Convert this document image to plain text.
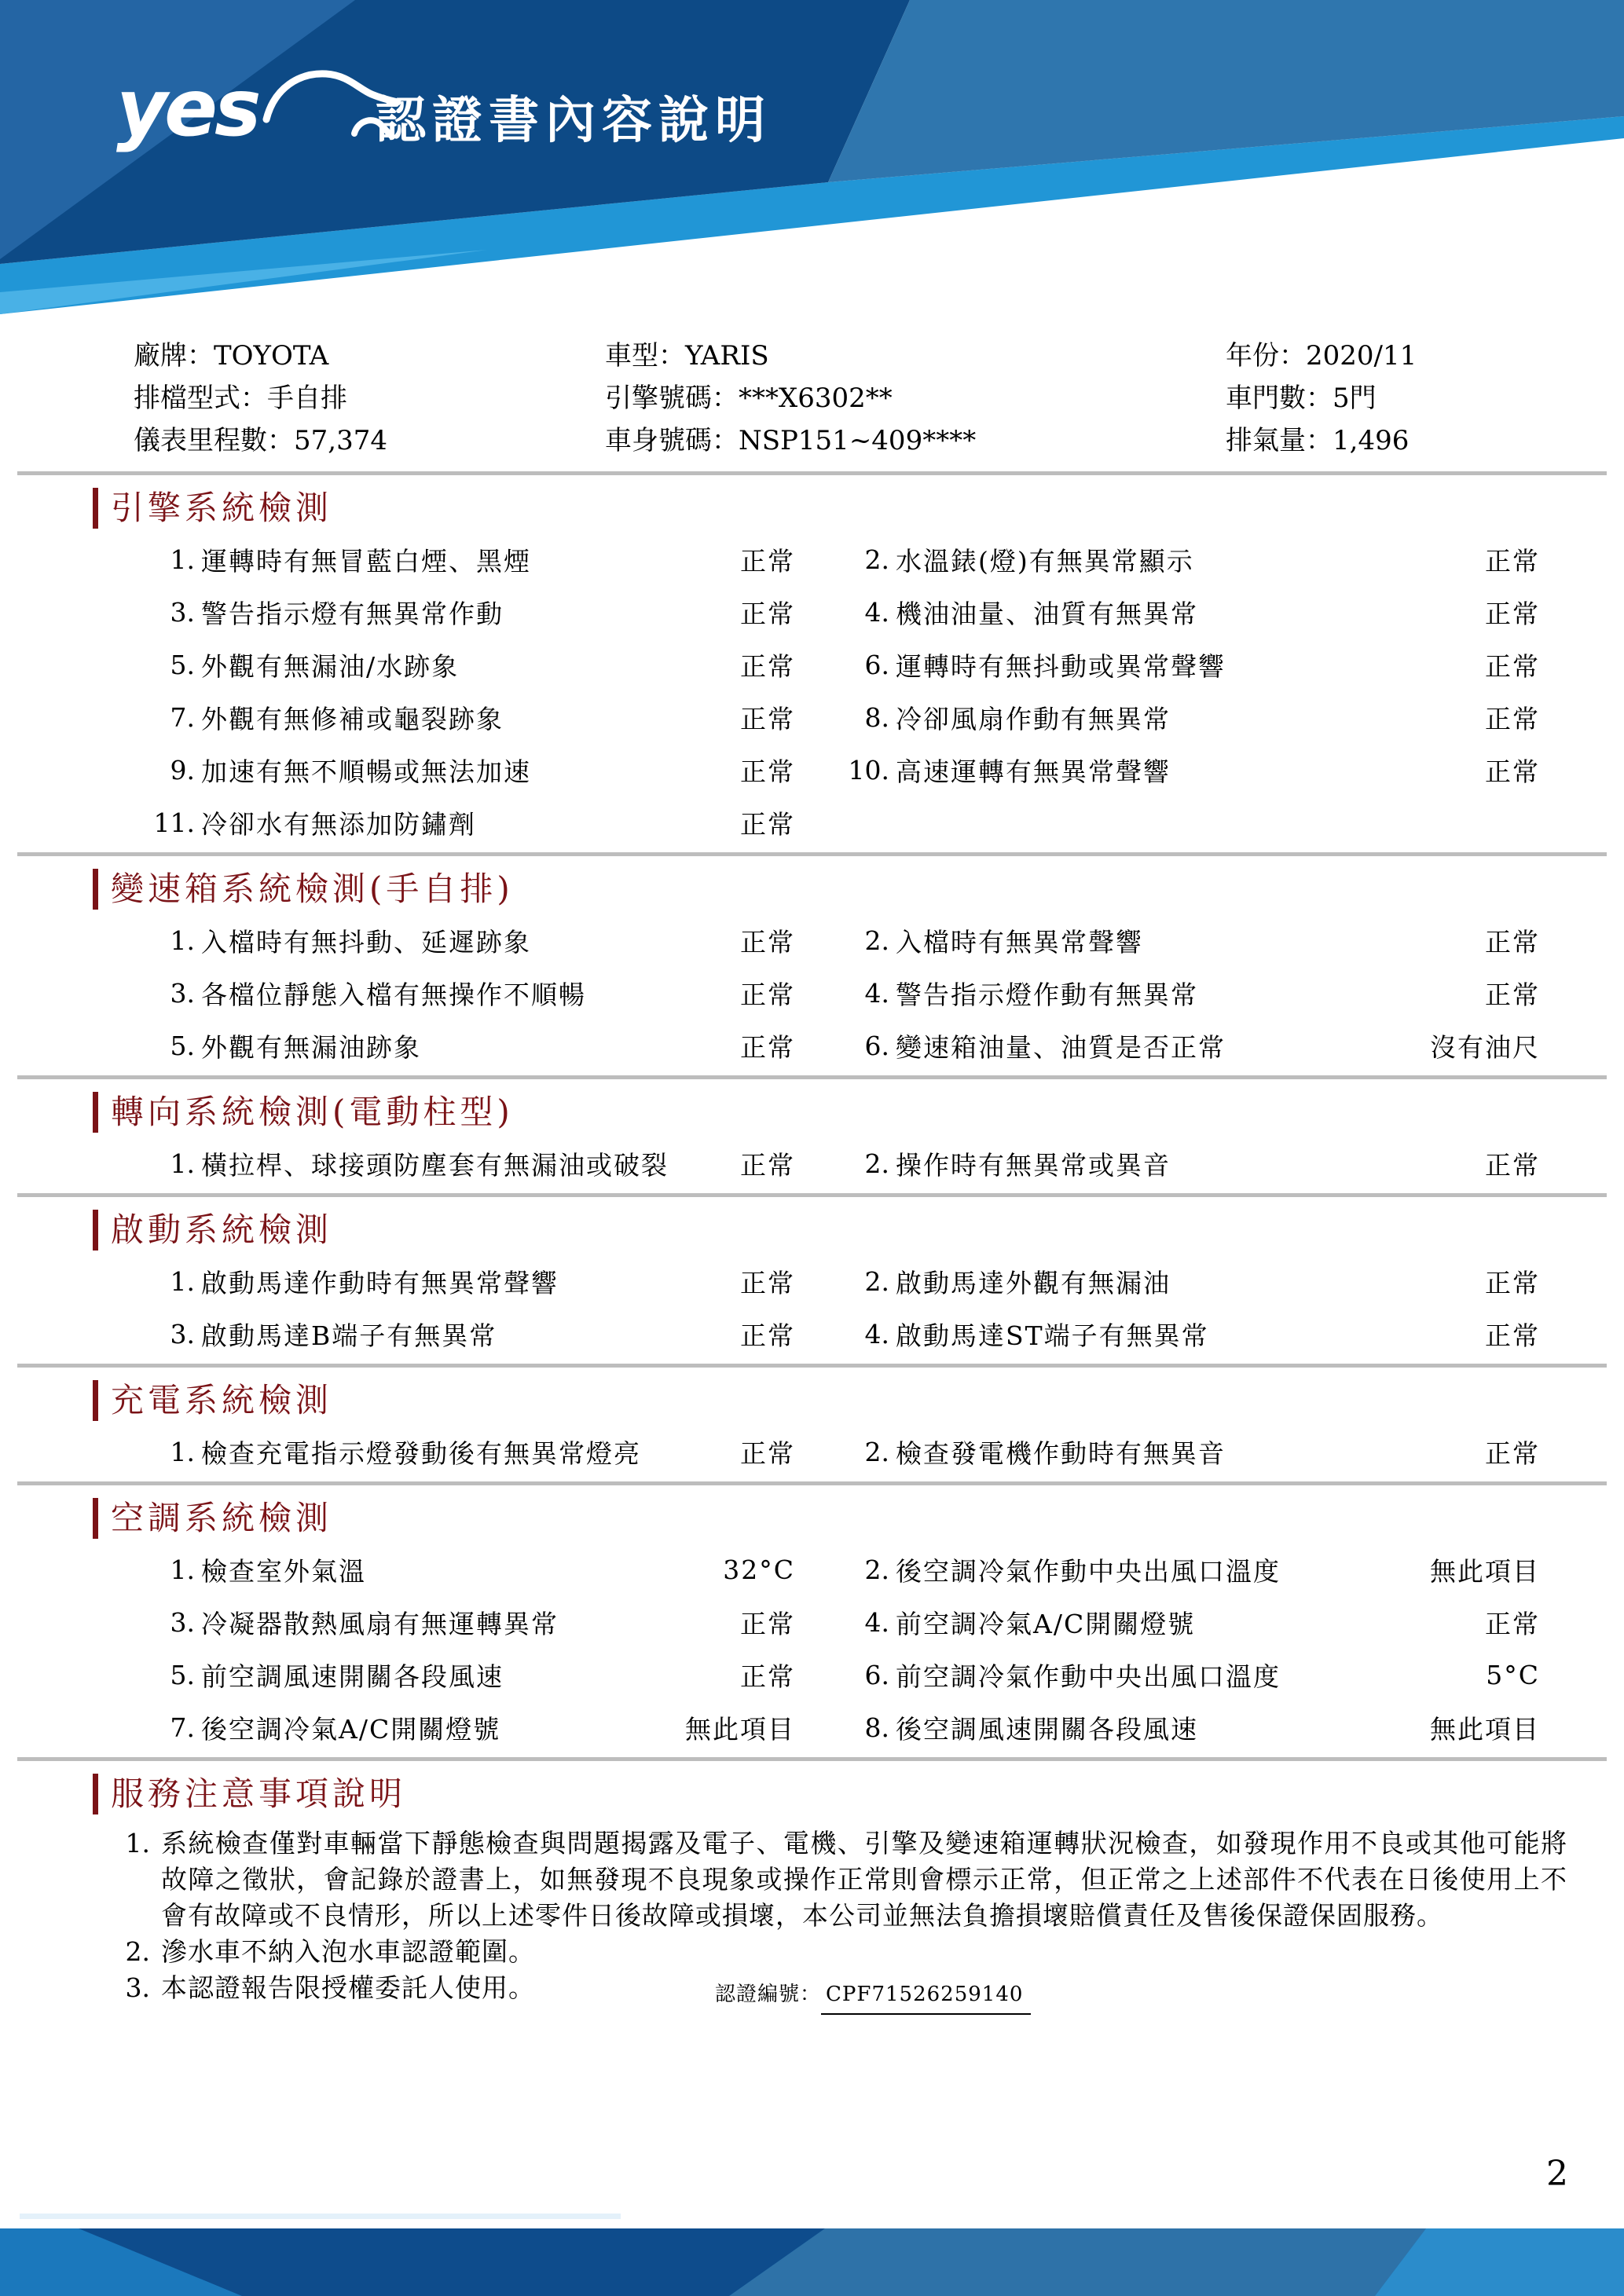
yes 認證書內容說明
廠牌：TOYOTA	車型：YARIS	年份：2020/11
排檔型式：手自排	引擎號碼：***X6302**	車門數：5門
儀表里程數：57,374	車身號碼：NSP151~409****	排氣量：1,496
引擎系統檢測
1. 運轉時有無冒藍白煙、黑煙	正常	2. 水溫錶(燈)有無異常顯示	正常
3. 警告指示燈有無異常作動	正常	4. 機油油量、油質有無異常	正常
5. 外觀有無漏油/水跡象	正常	6. 運轉時有無抖動或異常聲響	正常
7. 外觀有無修補或龜裂跡象	正常	8. 冷卻風扇作動有無異常	正常
9. 加速有無不順暢或無法加速	正常	10. 高速運轉有無異常聲響	正常
11. 冷卻水有無添加防鏽劑	正常
變速箱系統檢測(手自排)
1. 入檔時有無抖動、延遲跡象	正常	2. 入檔時有無異常聲響	正常
3. 各檔位靜態入檔有無操作不順暢	正常	4. 警告指示燈作動有無異常	正常
5. 外觀有無漏油跡象	正常	6. 變速箱油量、油質是否正常	沒有油尺
轉向系統檢測(電動柱型)
1. 橫拉桿、球接頭防塵套有無漏油或破裂	正常	2. 操作時有無異常或異音	正常
啟動系統檢測
1. 啟動馬達作動時有無異常聲響	正常	2. 啟動馬達外觀有無漏油	正常
3. 啟動馬達B端子有無異常	正常	4. 啟動馬達ST端子有無異常	正常
充電系統檢測
1. 檢查充電指示燈發動後有無異常燈亮	正常	2. 檢查發電機作動時有無異音	正常
空調系統檢測
1. 檢查室外氣溫	32°C	2. 後空調冷氣作動中央出風口溫度	無此項目
3. 冷凝器散熱風扇有無運轉異常	正常	4. 前空調冷氣A/C開關燈號	正常
5. 前空調風速開關各段風速	正常	6. 前空調冷氣作動中央出風口溫度	5°C
7. 後空調冷氣A/C開關燈號	無此項目	8. 後空調風速開關各段風速	無此項目
服務注意事項說明
1. 系統檢查僅對車輛當下靜態檢查與問題揭露及電子、電機、引擎及變速箱運轉狀況檢查，如發現作用不良或其他可能將故障之徵狀，會記錄於證書上，如無發現不良現象或操作正常則會標示正常，但正常之上述部件不代表在日後使用上不會有故障或不良情形，所以上述零件日後故障或損壞，本公司並無法負擔損壞賠償責任及售後保證保固服務。
2. 滲水車不納入泡水車認證範圍。
3. 本認證報告限授權委託人使用。	認證編號： CPF71526259140
2
